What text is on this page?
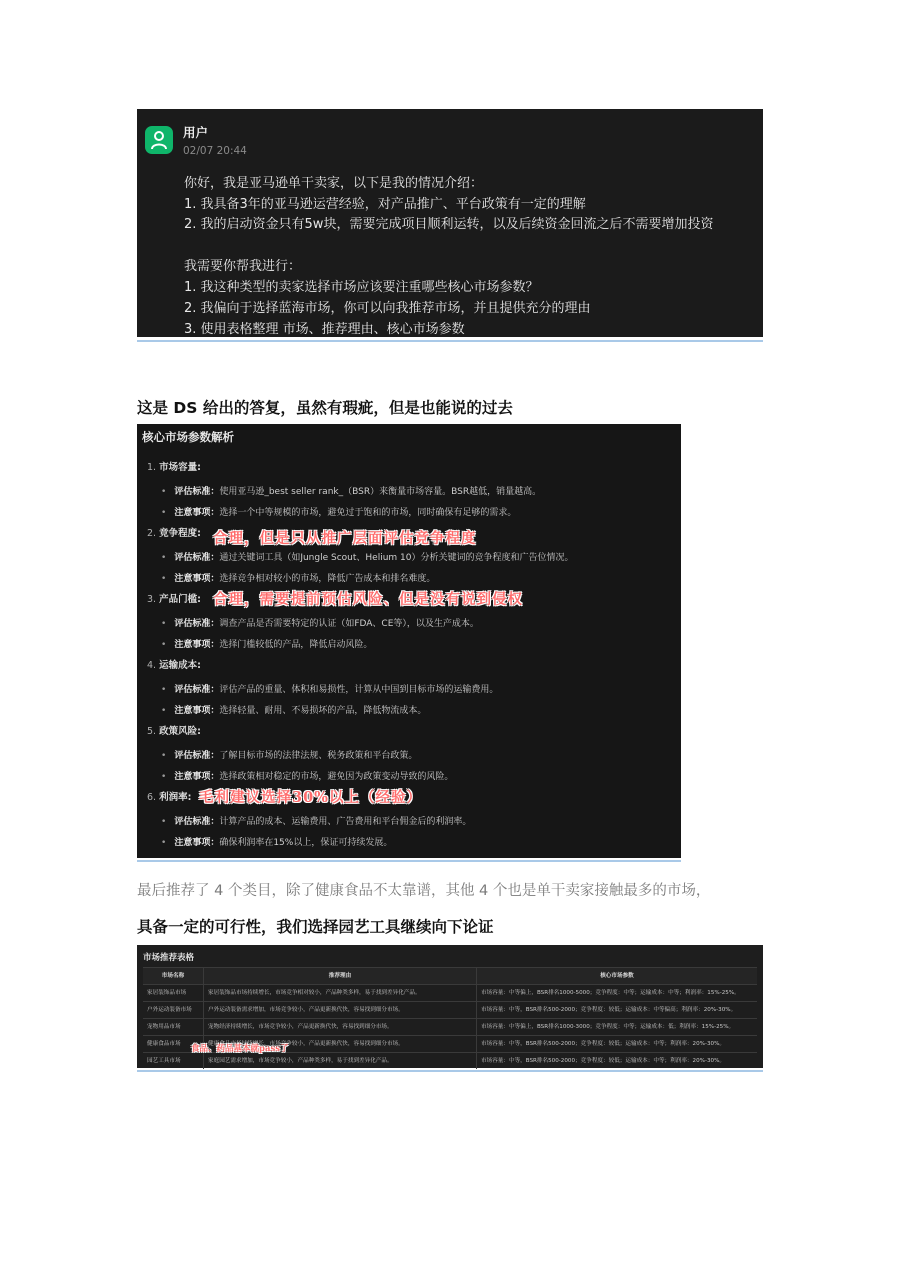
用户
02/07 20:44
你好，我是亚马逊单干卖家，以下是我的情况介绍：
1. 我具备3年的亚马逊运营经验，对产品推广、平台政策有一定的理解
2. 我的启动资金只有5w块，需要完成项目顺利运转，以及后续资金回流之后不需要增加投资
我需要你帮我进行：
1. 我这种类型的卖家选择市场应该要注重哪些核心市场参数？
2. 我偏向于选择蓝海市场，你可以向我推荐市场，并且提供充分的理由
3. 使用表格整理 市场、推荐理由、核心市场参数
这是 DS 给出的答复，虽然有瑕疵，但是也能说的过去
核心市场参数解析
1. 市场容量:
• 评估标准：使用亚马逊_best seller rank_（BSR）来衡量市场容量。BSR越低，销量越高。
• 注意事项：选择一个中等规模的市场，避免过于饱和的市场，同时确保有足够的需求。
2. 竞争程度:
• 评估标准：通过关键词工具（如Jungle Scout、Helium 10）分析关键词的竞争程度和广告位情况。
• 注意事项：选择竞争相对较小的市场，降低广告成本和排名难度。
3. 产品门槛:
• 评估标准：调查产品是否需要特定的认证（如FDA、CE等），以及生产成本。
• 注意事项：选择门槛较低的产品，降低启动风险。
4. 运输成本:
• 评估标准：评估产品的重量、体积和易损性，计算从中国到目标市场的运输费用。
• 注意事项：选择轻量、耐用、不易损坏的产品，降低物流成本。
5. 政策风险:
• 评估标准：了解目标市场的法律法规、税务政策和平台政策。
• 注意事项：选择政策相对稳定的市场，避免因为政策变动导致的风险。
6. 利润率:
• 评估标准：计算产品的成本、运输费用、广告费用和平台佣金后的利润率。
• 注意事项：确保利润率在15%以上，保证可持续发展。
合理，但是只从推广层面评估竞争程度
合理，需要提前预估风险、但是没有说到侵权
毛利建议选择30%以上（经验）
最后推荐了 4 个类目，除了健康食品不太靠谱，其他 4 个也是单干卖家接触最多的市场，
具备一定的可行性，我们选择园艺工具继续向下论证
市场推荐表格
市场名称	推荐理由	核心市场参数
家居装饰品市场	家居装饰品市场持续增长，市场竞争相对较小，产品种类多样，易于找到差异化产品。	市场容量：中等偏上，BSR排名1000-5000；竞争程度：中等；运输成本：中等；利润率：15%-25%。
户外运动装备市场	户外运动装备需求增加，市场竞争较小，产品更新换代快，容易找到细分市场。	市场容量：中等，BSR排名500-2000；竞争程度：较低；运输成本：中等偏高；利润率：20%-30%。
宠物用品市场	宠物经济持续增长，市场竞争较小，产品更新换代快，容易找到细分市场。	市场容量：中等偏上，BSR排名1000-3000；竞争程度：中等；运输成本：低；利润率：15%-25%。
健康食品市场	健康食品市场持续增长，市场竞争较小，产品更新换代快，容易找到细分市场。	市场容量：中等，BSR排名500-2000；竞争程度：较低；运输成本：中等；利润率：20%-30%。
园艺工具市场	家庭园艺需求增加，市场竞争较小，产品种类多样，易于找到差异化产品。	市场容量：中等，BSR排名500-2000；竞争程度：较低；运输成本：中等；利润率：20%-30%。
食品、药品基本就pass了
